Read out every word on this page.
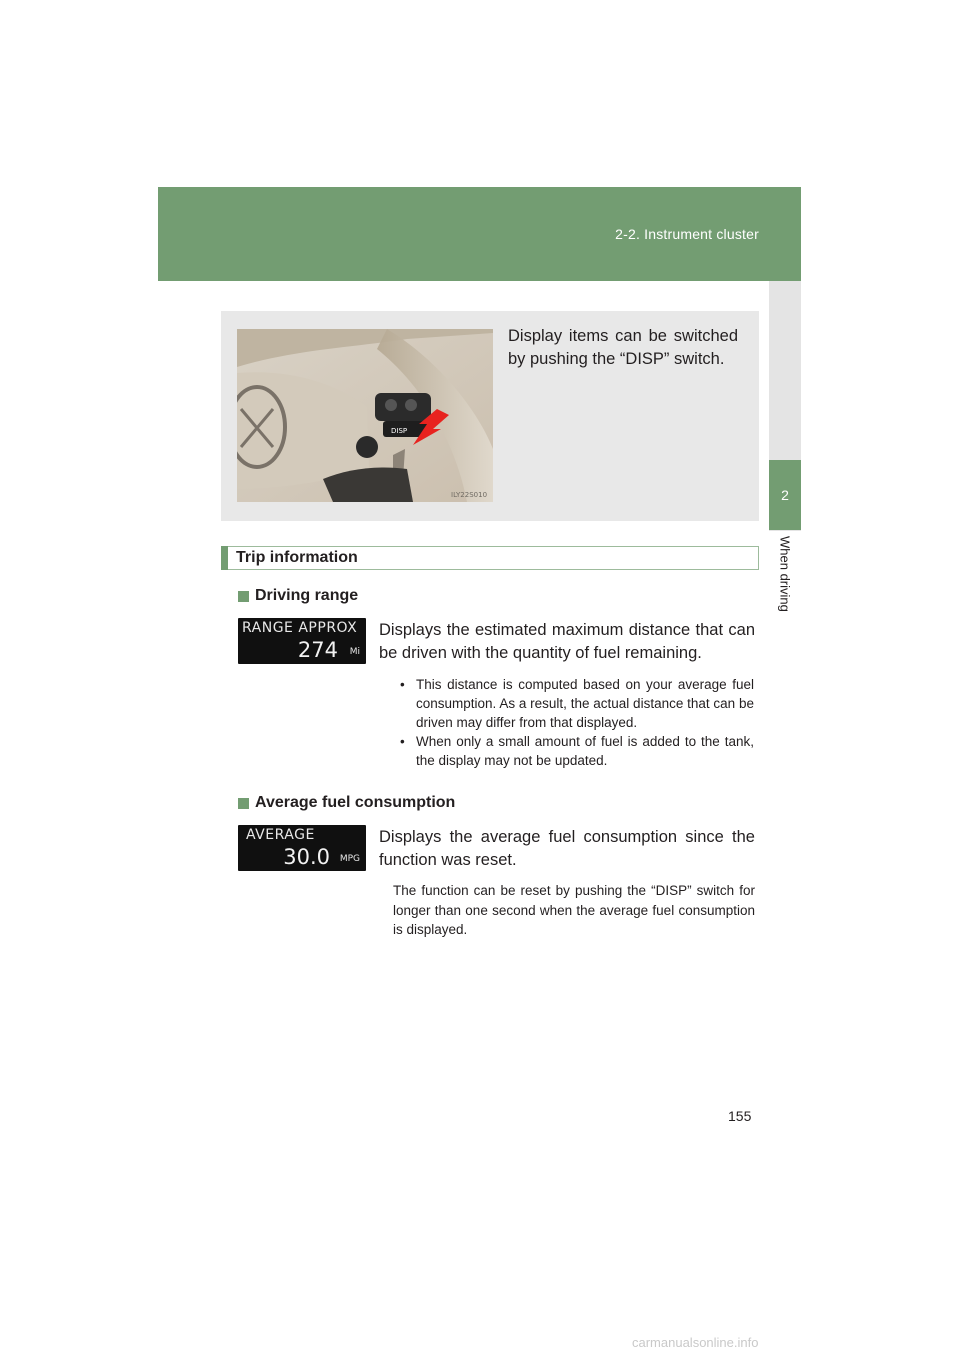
2-2. Instrument cluster
2
When driving
DISP
ILY22S010
Display items can be switched by pushing the “DISP” switch.
Trip information
Driving range
RANGE APPROX
274 Mi
Displays the estimated maximum distance that can be driven with the quantity of fuel remaining.
• This distance is computed based on your average fuel consumption. As a result, the actual distance that can be driven may differ from that displayed.
• When only a small amount of fuel is added to the tank, the display may not be updated.
Average fuel consumption
AVERAGE
30.0 MPG
Displays the average fuel consumption since the function was reset.
The function can be reset by pushing the “DISP” switch for longer than one second when the average fuel consumption is displayed.
155
carmanualsonline.info
